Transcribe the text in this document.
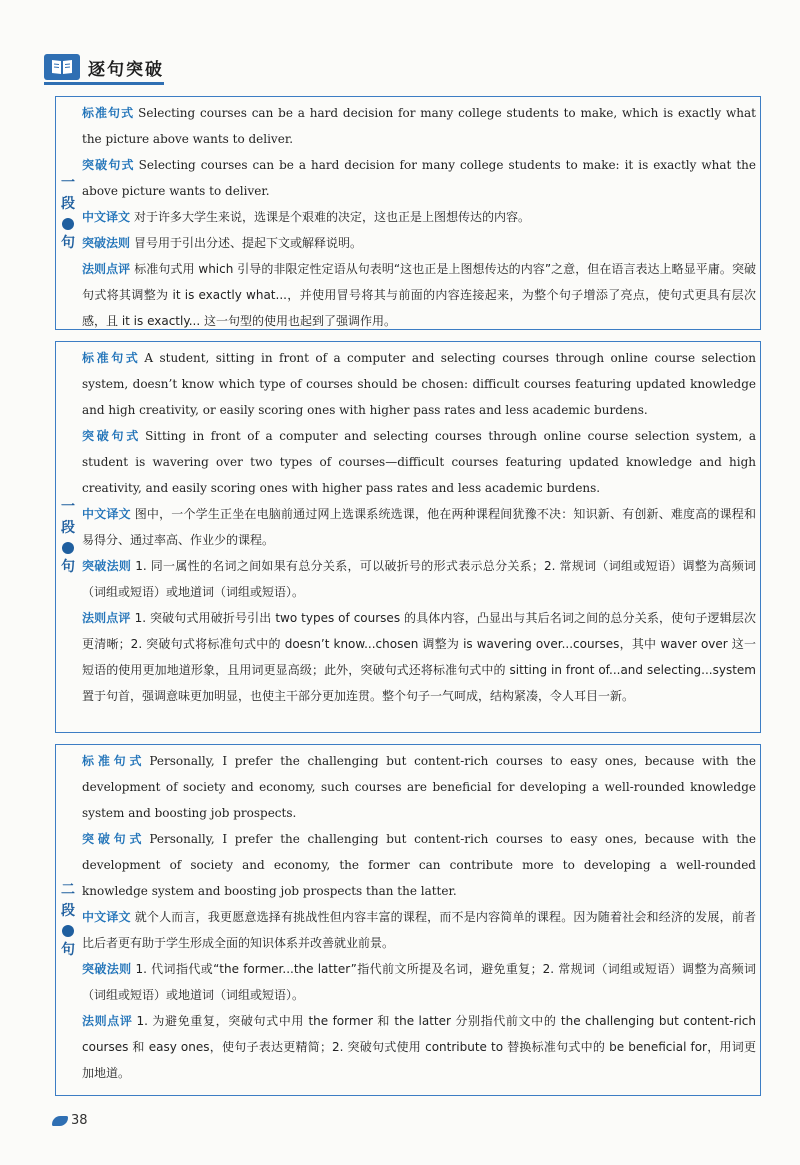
逐句突破
一
段
句

标准句式 Selecting courses can be a hard decision for many college students to make, which is exactly what the picture above wants to deliver.

突破句式 Selecting courses can be a hard decision for many college students to make: it is exactly what the above picture wants to deliver.

中文译文 对于许多大学生来说，选课是个艰难的决定，这也正是上图想传达的内容。

突破法则 冒号用于引出分述、提起下文或解释说明。

法则点评 标准句式用 which 引导的非限定性定语从句表明“这也正是上图想传达的内容”之意，但在语言表达上略显平庸。突破句式将其调整为 it is exactly what...，并使用冒号将其与前面的内容连接起来，为整个句子增添了亮点，使句式更具有层次感，且 it is exactly... 这一句型的使用也起到了强调作用。

一
段
句

标准句式 A student, sitting in front of a computer and selecting courses through online course selection system, doesn’t know which type of courses should be chosen: difficult courses featuring updated knowledge and high creativity, or easily scoring ones with higher pass rates and less academic burdens.

突破句式 Sitting in front of a computer and selecting courses through online course selection system, a student is wavering over two types of courses—difficult courses featuring updated knowledge and high creativity, and easily scoring ones with higher pass rates and less academic burdens.

中文译文 图中，一个学生正坐在电脑前通过网上选课系统选课，他在两种课程间犹豫不决：知识新、有创新、难度高的课程和易得分、通过率高、作业少的课程。

突破法则 1. 同一属性的名词之间如果有总分关系，可以破折号的形式表示总分关系；2. 常规词（词组或短语）调整为高频词（词组或短语）或地道词（词组或短语）。

法则点评 1. 突破句式用破折号引出 two types of courses 的具体内容，凸显出与其后名词之间的总分关系，使句子逻辑层次更清晰；2. 突破句式将标准句式中的 doesn’t know...chosen 调整为 is wavering over...courses，其中 waver over 这一短语的使用更加地道形象，且用词更显高级；此外，突破句式还将标准句式中的 sitting in front of...and selecting...system 置于句首，强调意味更加明显，也使主干部分更加连贯。整个句子一气呵成，结构紧凑，令人耳目一新。

二
段
句

标准句式 Personally, I prefer the challenging but content-rich courses to easy ones, because with the development of society and economy, such courses are beneficial for developing a well-rounded knowledge system and boosting job prospects.

突破句式 Personally, I prefer the challenging but content-rich courses to easy ones, because with the development of society and economy, the former can contribute more to developing a well-rounded knowledge system and boosting job prospects than the latter.

中文译文 就个人而言，我更愿意选择有挑战性但内容丰富的课程，而不是内容简单的课程。因为随着社会和经济的发展，前者比后者更有助于学生形成全面的知识体系并改善就业前景。

突破法则 1. 代词指代或“the former...the latter”指代前文所提及名词，避免重复；2. 常规词（词组或短语）调整为高频词（词组或短语）或地道词（词组或短语）。

法则点评 1. 为避免重复，突破句式中用 the former 和 the latter 分别指代前文中的 the challenging but content-rich courses 和 easy ones，使句子表达更精简；2. 突破句式使用 contribute to 替换标准句式中的 be beneficial for，用词更加地道。

38
